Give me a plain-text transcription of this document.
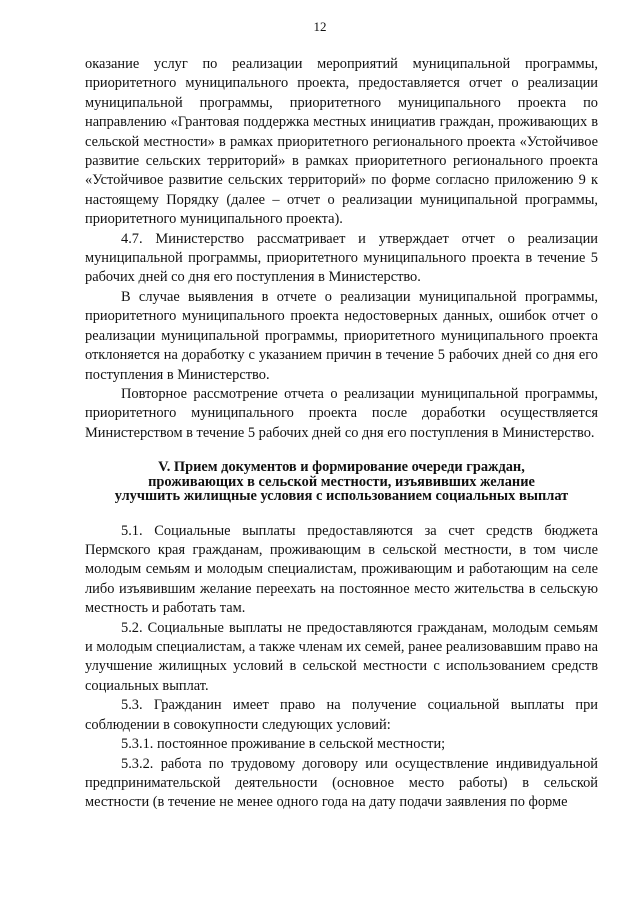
12

оказание услуг по реализации мероприятий муниципальной программы, приоритетного муниципального проекта, предоставляется отчет о реализации муниципальной программы, приоритетного муниципального проекта по направлению «Грантовая поддержка местных инициатив граждан, проживающих в сельской местности» в рамках приоритетного регионального проекта «Устойчивое развитие сельских территорий» в рамках приоритетного регионального проекта «Устойчивое развитие сельских территорий» по форме согласно приложению 9 к настоящему Порядку (далее – отчет о реализации муниципальной программы, приоритетного муниципального проекта).

4.7. Министерство рассматривает и утверждает отчет о реализации муниципальной программы, приоритетного муниципального проекта в течение 5 рабочих дней со дня его поступления в Министерство.

В случае выявления в отчете о реализации муниципальной программы, приоритетного муниципального проекта недостоверных данных, ошибок отчет о реализации муниципальной программы, приоритетного муниципального проекта отклоняется на доработку с указанием причин в течение 5 рабочих дней со дня его поступления в Министерство.

Повторное рассмотрение отчета о реализации муниципальной программы, приоритетного муниципального проекта после доработки осуществляется Министерством в течение 5 рабочих дней со дня его поступления в Министерство.

V. Прием документов и формирование очереди граждан,
проживающих в сельской местности, изъявивших желание
улучшить жилищные условия с использованием социальных выплат

5.1. Социальные выплаты предоставляются за счет средств бюджета Пермского края гражданам, проживающим в сельской местности, в том числе молодым семьям и молодым специалистам, проживающим и работающим на селе либо изъявившим желание переехать на постоянное место жительства в сельскую местность и работать там.

5.2. Социальные выплаты не предоставляются гражданам, молодым семьям и молодым специалистам, а также членам их семей, ранее реализовавшим право на улучшение жилищных условий в сельской местности с использованием средств социальных выплат.

5.3. Гражданин имеет право на получение социальной выплаты при соблюдении в совокупности следующих условий:

5.3.1. постоянное проживание в сельской местности;

5.3.2. работа по трудовому договору или осуществление индивидуальной предпринимательской деятельности (основное место работы) в сельской местности (в течение не менее одного года на дату подачи заявления по форме
